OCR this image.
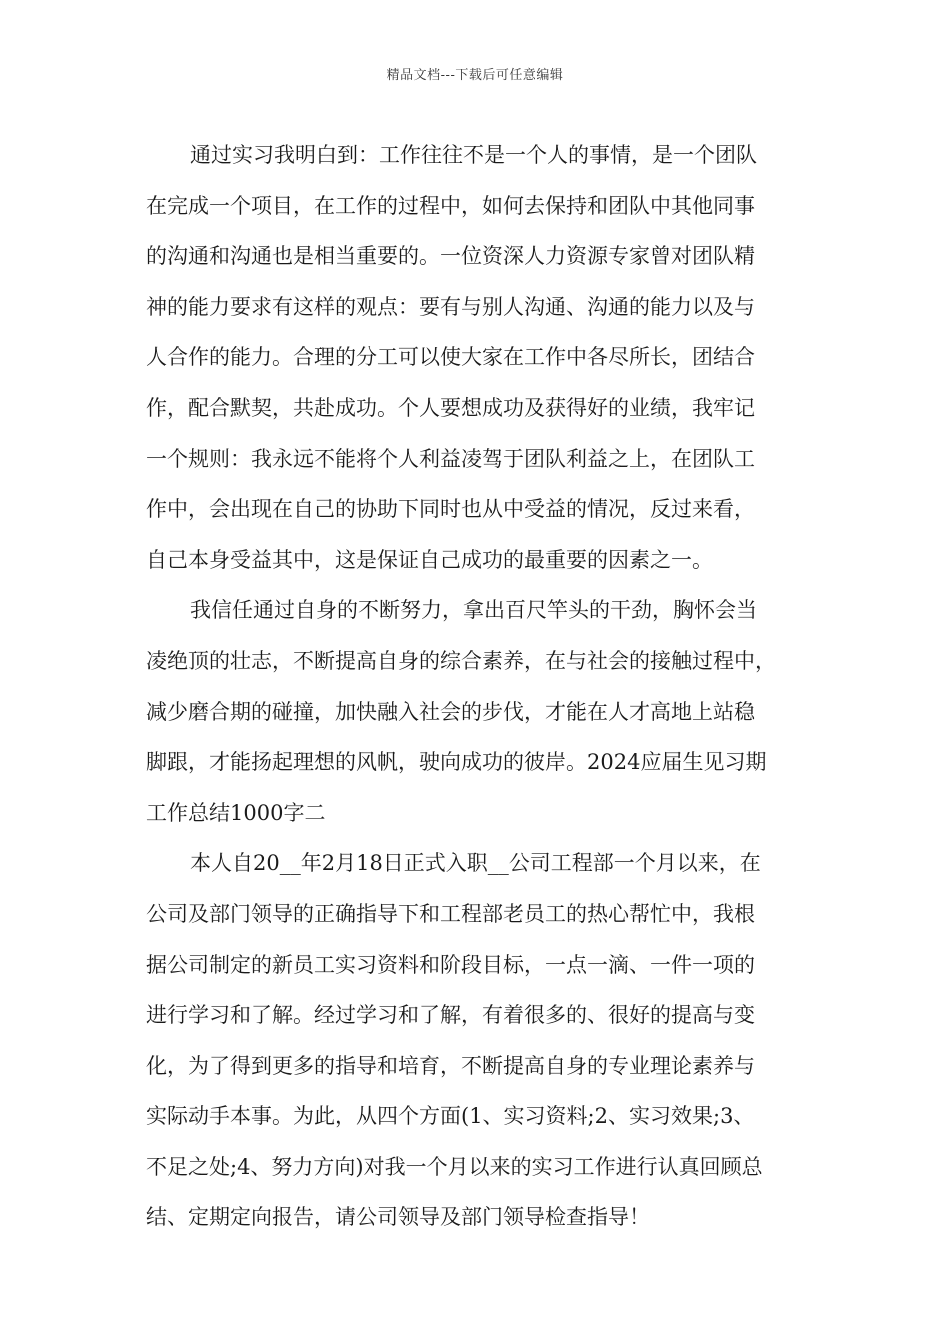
精品文档---下载后可任意编辑
通过实习我明白到：工作往往不是一个人的事情，是一个团队
在完成一个项目，在工作的过程中，如何去保持和团队中其他同事
的沟通和沟通也是相当重要的。一位资深人力资源专家曾对团队精
神的能力要求有这样的观点：要有与别人沟通、沟通的能力以及与
人合作的能力。合理的分工可以使大家在工作中各尽所长，团结合
作，配合默契，共赴成功。个人要想成功及获得好的业绩，我牢记
一个规则：我永远不能将个人利益凌驾于团队利益之上，在团队工
作中，会出现在自己的协助下同时也从中受益的情况，反过来看，
自己本身受益其中，这是保证自己成功的最重要的因素之一。
我信任通过自身的不断努力，拿出百尺竿头的干劲，胸怀会当
凌绝顶的壮志，不断提高自身的综合素养，在与社会的接触过程中，
减少磨合期的碰撞，加快融入社会的步伐，才能在人才高地上站稳
脚跟，才能扬起理想的风帆，驶向成功的彼岸。2024应届生见习期
工作总结1000字二
本人自20__年2月18日正式入职__公司工程部一个月以来，在
公司及部门领导的正确指导下和工程部老员工的热心帮忙中，我根
据公司制定的新员工实习资料和阶段目标，一点一滴、一件一项的
进行学习和了解。经过学习和了解，有着很多的、很好的提高与变
化，为了得到更多的指导和培育，不断提高自身的专业理论素养与
实际动手本事。为此，从四个方面(1、实习资料;2、实习效果;3、
不足之处;4、努力方向)对我一个月以来的实习工作进行认真回顾总
结、定期定向报告，请公司领导及部门领导检查指导！
